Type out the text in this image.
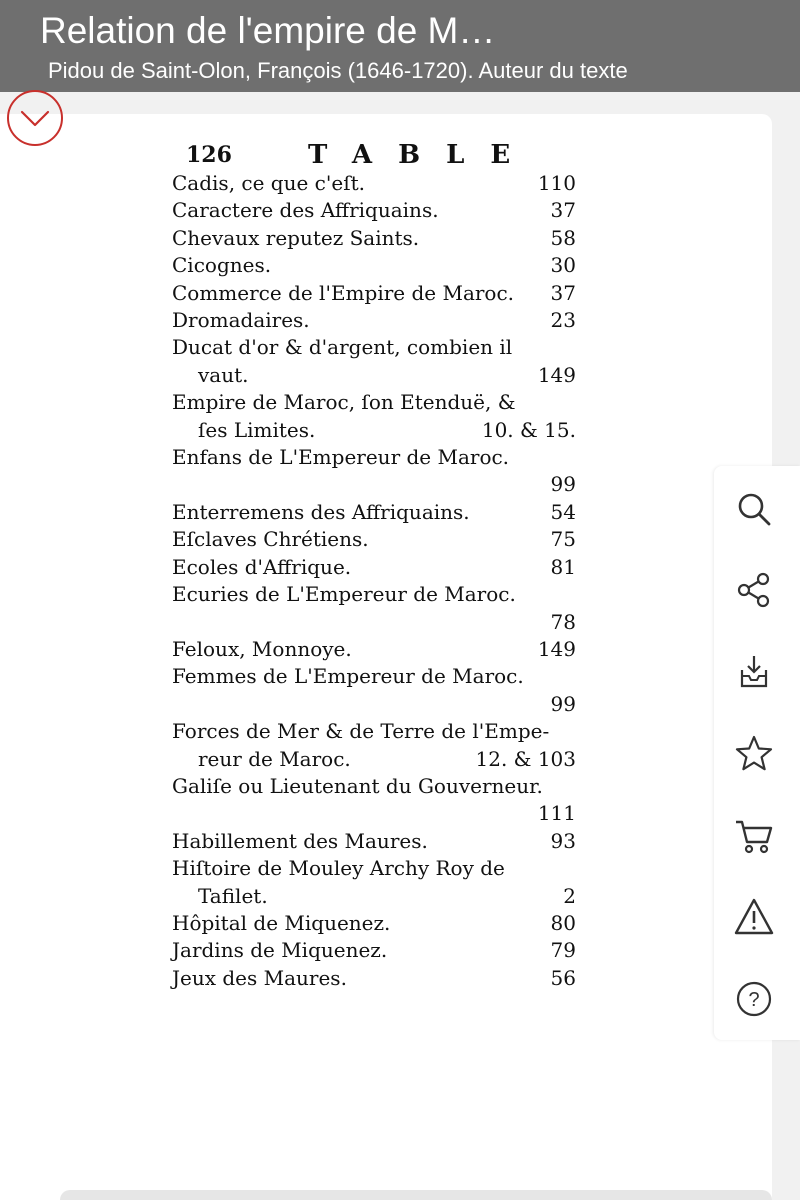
Relation de l'empire de M…
Pidou de Saint-Olon, François (1646-1720). Auteur du texte
126	TABLE
Cadis, ce que c'eſt.	110
Caractere des Affriquains.	37
Chevaux reputez Saints.	58
Cicognes.	30
Commerce de l'Empire de Maroc. 37
Dromadaires.	23
Ducat d'or & d'argent, combien il
vaut.	149
Empire de Maroc, ſon Etenduë, &
ſes Limites.	10. & 15.
Enfans de L'Empereur de Maroc.
99
Enterremens des Affriquains.	54
Eſclaves Chrétiens.	75
Ecoles d'Affrique.	81
Ecuries de L'Empereur de Maroc.
78
Feloux, Monnoye.	149
Femmes de L'Empereur de Maroc.
99
Forces de Mer & de Terre de l'Empe-
reur de Maroc.	12. & 103
Galiſe ou Lieutenant du Gouverneur.
111
Habillement des Maures.	93
Hiſtoire de Mouley Archy Roy de
Tafilet.	2
Hôpital de Miquenez.	80
Jardins de Miquenez.	79
Jeux des Maures.	56
?
